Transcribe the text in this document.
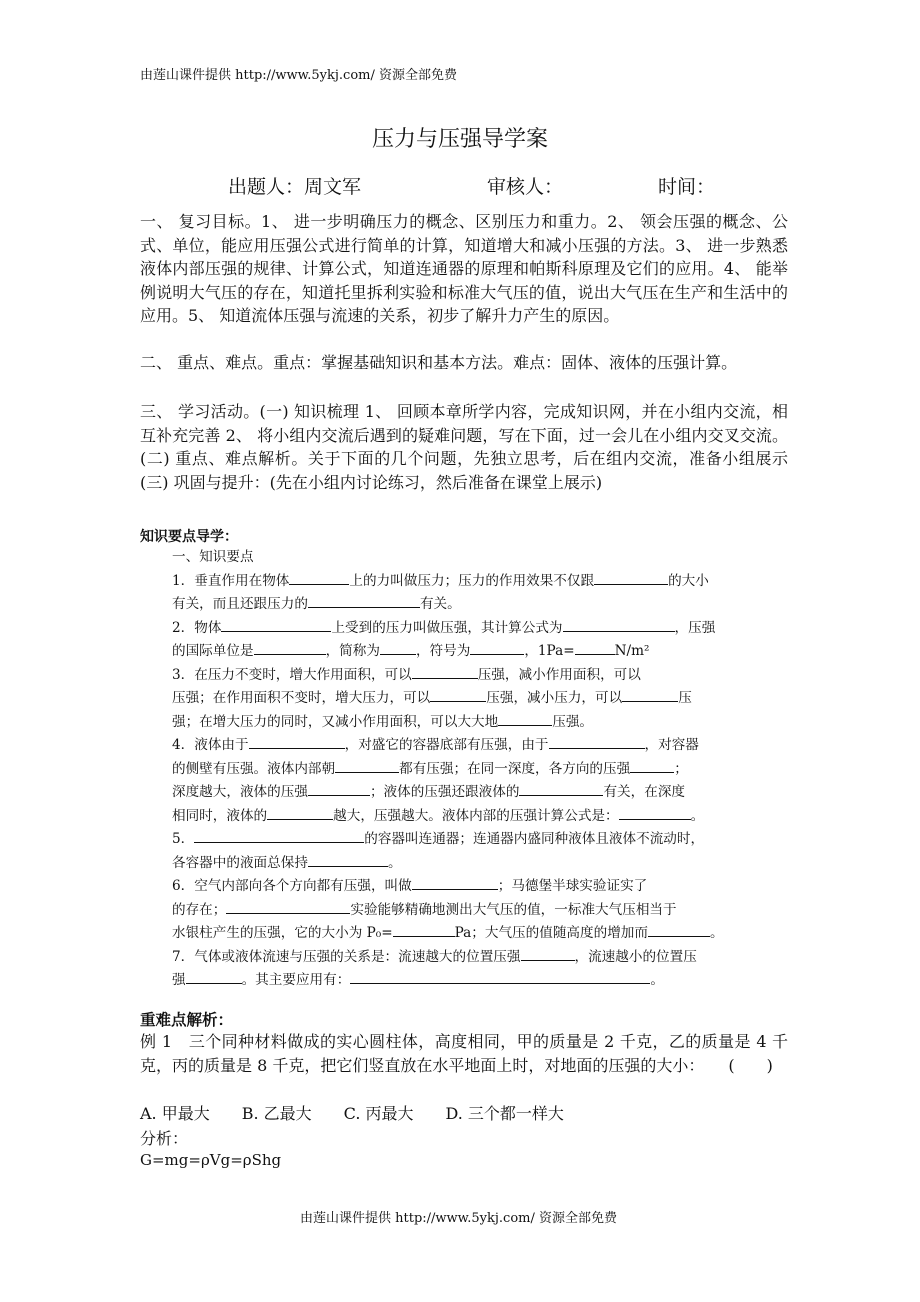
由莲山课件提供 http://www.5ykj.com/ 资源全部免费
压力与压强导学案
出题人：周文军	审核人：	时间：

一、 复习目标。1、 进一步明确压力的概念、区别压力和重力。2、 领会压强的概念、公式、单位，能应用压强公式进行简单的计算，知道增大和减小压强的方法。3、 进一步熟悉液体内部压强的规律、计算公式，知道连通器的原理和帕斯科原理及它们的应用。4、 能举例说明大气压的存在，知道托里拆利实验和标准大气压的值，说出大气压在生产和生活中的应用。5、 知道流体压强与流速的关系，初步了解升力产生的原因。

二、 重点、难点。重点：掌握基础知识和基本方法。难点：固体、液体的压强计算。

三、 学习活动。(一) 知识梳理 1、 回顾本章所学内容，完成知识网，并在小组内交流，相互补充完善 2、 将小组内交流后遇到的疑难问题，写在下面，过一会儿在小组内交叉交流。(二) 重点、难点解析。关于下面的几个问题，先独立思考，后在组内交流，准备小组展示 (三) 巩固与提升：(先在小组内讨论练习，然后准备在课堂上展示)

知识要点导学：
一、知识要点
1．垂直作用在物体	上的力叫做压力；压力的作用效果不仅跟	的大小
有关，而且还跟压力的	有关。
2．物体	上受到的压力叫做压强，其计算公式为	，压强
的国际单位是	，简称为	，符号为	，1Pa=	N/m²
3．在压力不变时，增大作用面积，可以	压强，减小作用面积，可以
压强；在作用面积不变时，增大压力，可以	压强，减小压力，可以	压
强；在增大压力的同时，又减小作用面积，可以大大地	压强。
4．液体由于	，对盛它的容器底部有压强，由于	，对容器
的侧壁有压强。液体内部朝	都有压强；在同一深度，各方向的压强	；
深度越大，液体的压强	；液体的压强还跟液体的	有关，在深度
相同时，液体的	越大，压强越大。液体内部的压强计算公式是：	。
5．	的容器叫连通器；连通器内盛同种液体且液体不流动时，
各容器中的液面总保持	。
6．空气内部向各个方向都有压强，叫做	；马德堡半球实验证实了
的存在；	实验能够精确地测出大气压的值，一标准大气压相当于
水银柱产生的压强，它的大小为 P₀=	Pa；大气压的值随高度的增加而	。
7．气体或液体流速与压强的关系是：流速越大的位置压强	，流速越小的位置压
强	。其主要应用有：	。
重难点解析：

例 1　三个同种材料做成的实心圆柱体，高度相同，甲的质量是 2 千克，乙的质量是 4 千克，丙的质量是 8 千克，把它们竖直放在水平地面上时，对地面的压强的大小：　　(　　)

A. 甲最大　　B. 乙最大　　C. 丙最大　　D. 三个都一样大
分析：
G=mg=ρVg=ρShg
由莲山课件提供 http://www.5ykj.com/ 资源全部免费
